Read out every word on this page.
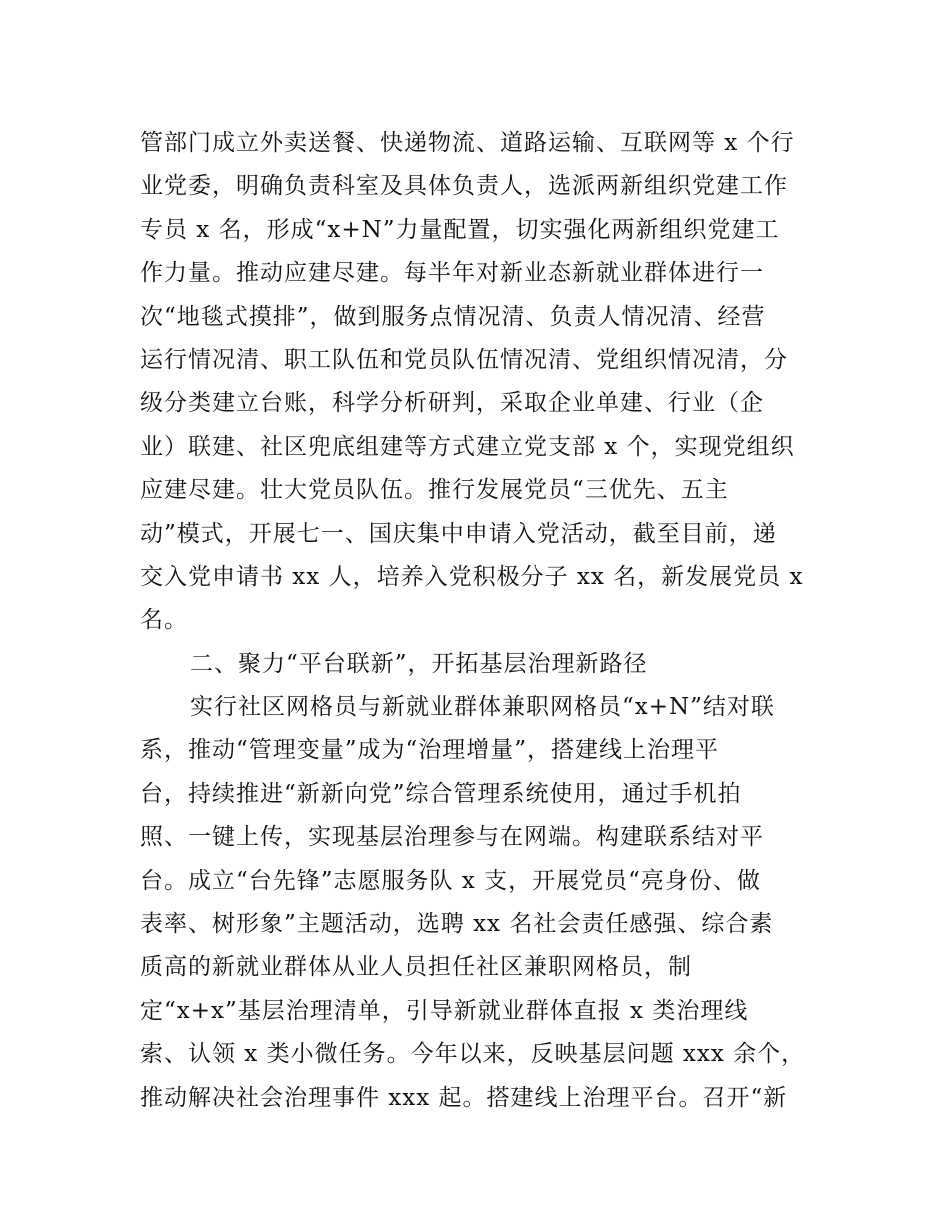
管部门成立外卖送餐、快递物流、道路运输、互联网等 x 个行
业党委，明确负责科室及具体负责人，选派两新组织党建工作
专员 x 名，形成“x+N”力量配置，切实强化两新组织党建工
作力量。推动应建尽建。每半年对新业态新就业群体进行一
次“地毯式摸排”，做到服务点情况清、负责人情况清、经营
运行情况清、职工队伍和党员队伍情况清、党组织情况清，分
级分类建立台账，科学分析研判，采取企业单建、行业（企
业）联建、社区兜底组建等方式建立党支部 x 个，实现党组织
应建尽建。壮大党员队伍。推行发展党员“三优先、五主
动”模式，开展七一、国庆集中申请入党活动，截至目前，递
交入党申请书 xx 人，培养入党积极分子 xx 名，新发展党员 x
名。
二、聚力“平台联新”，开拓基层治理新路径
实行社区网格员与新就业群体兼职网格员“x+N”结对联
系，推动“管理变量”成为“治理增量”，搭建线上治理平
台，持续推进“新新向党”综合管理系统使用，通过手机拍
照、一键上传，实现基层治理参与在网端。构建联系结对平
台。成立“台先锋”志愿服务队 x 支，开展党员“亮身份、做
表率、树形象”主题活动，选聘 xx 名社会责任感强、综合素
质高的新就业群体从业人员担任社区兼职网格员，制
定“x+x”基层治理清单，引导新就业群体直报 x 类治理线
索、认领 x 类小微任务。今年以来，反映基层问题 xxx 余个，
推动解决社会治理事件 xxx 起。搭建线上治理平台。召开“新
